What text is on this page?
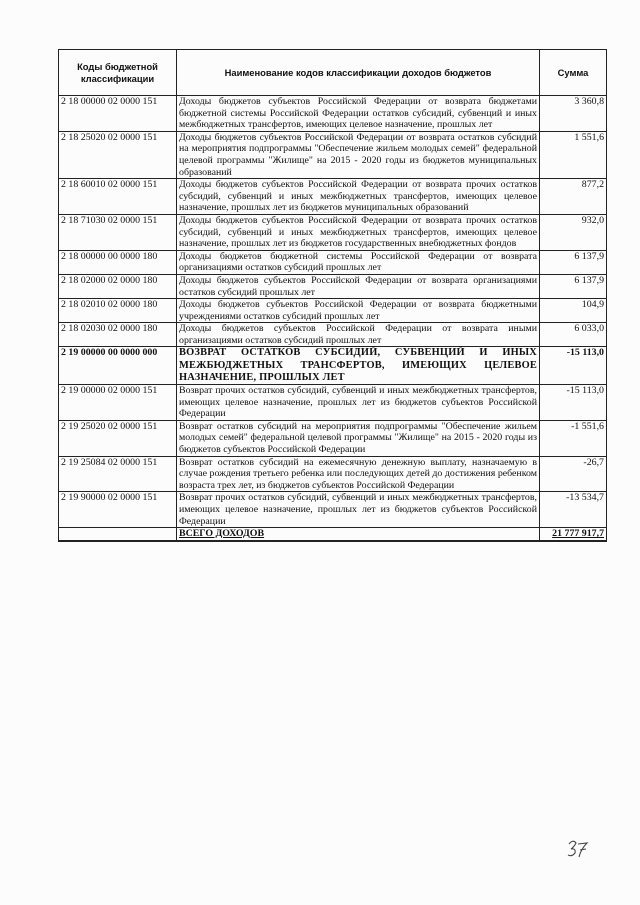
Коды бюджетной классификации	Наименование кодов классификации доходов бюджетов	Сумма
2 18 00000 02 0000 151	Доходы бюджетов субъектов Российской Федерации от возврата бюджетами бюджетной системы Российской Федерации остатков субсидий, субвенций и иных межбюджетных трансфертов, имеющих целевое назначение, прошлых лет	3 360,8
2 18 25020 02 0000 151	Доходы бюджетов субъектов Российской Федерации от возврата остатков субсидий на мероприятия подпрограммы "Обеспечение жильем молодых семей" федеральной целевой программы "Жилище" на 2015 - 2020 годы из бюджетов муниципальных образований	1 551,6
2 18 60010 02 0000 151	Доходы бюджетов субъектов Российской Федерации от возврата прочих остатков субсидий, субвенций и иных межбюджетных трансфертов, имеющих целевое назначение, прошлых лет из бюджетов муниципальных образований	877,2
2 18 71030 02 0000 151	Доходы бюджетов субъектов Российской Федерации от возврата прочих остатков субсидий, субвенций и иных межбюджетных трансфертов, имеющих целевое назначение, прошлых лет из бюджетов государственных внебюджетных фондов	932,0
2 18 00000 00 0000 180	Доходы бюджетов бюджетной системы Российской Федерации от возврата организациями остатков субсидий прошлых лет	6 137,9
2 18 02000 02 0000 180	Доходы бюджетов субъектов Российской Федерации от возврата организациями остатков субсидий прошлых лет	6 137,9
2 18 02010 02 0000 180	Доходы бюджетов субъектов Российской Федерации от возврата бюджетными учреждениями остатков субсидий прошлых лет	104,9
2 18 02030 02 0000 180	Доходы бюджетов субъектов Российской Федерации от возврата иными организациями остатков субсидий прошлых лет	6 033,0
2 19 00000 00 0000 000	ВОЗВРАТ ОСТАТКОВ СУБСИДИЙ, СУБВЕНЦИЙ И ИНЫХ МЕЖБЮДЖЕТНЫХ ТРАНСФЕРТОВ, ИМЕЮЩИХ ЦЕЛЕВОЕ НАЗНАЧЕНИЕ, ПРОШЛЫХ ЛЕТ	-15 113,0
2 19 00000 02 0000 151	Возврат прочих остатков субсидий, субвенций и иных межбюджетных трансфертов, имеющих целевое назначение, прошлых лет из бюджетов субъектов Российской Федерации	-15 113,0
2 19 25020 02 0000 151	Возврат остатков субсидий на мероприятия подпрограммы "Обеспечение жильем молодых семей" федеральной целевой программы "Жилище" на 2015 - 2020 годы из бюджетов субъектов Российской Федерации	-1 551,6
2 19 25084 02 0000 151	Возврат остатков субсидий на ежемесячную денежную выплату, назначаемую в случае рождения третьего ребенка или последующих детей до достижения ребенком возраста трех лет, из бюджетов субъектов Российской Федерации	-26,7
2 19 90000 02 0000 151	Возврат прочих остатков субсидий, субвенций и иных межбюджетных трансфертов, имеющих целевое назначение, прошлых лет из бюджетов субъектов Российской Федерации	-13 534,7
	ВСЕГО ДОХОДОВ	21 777 917,7
